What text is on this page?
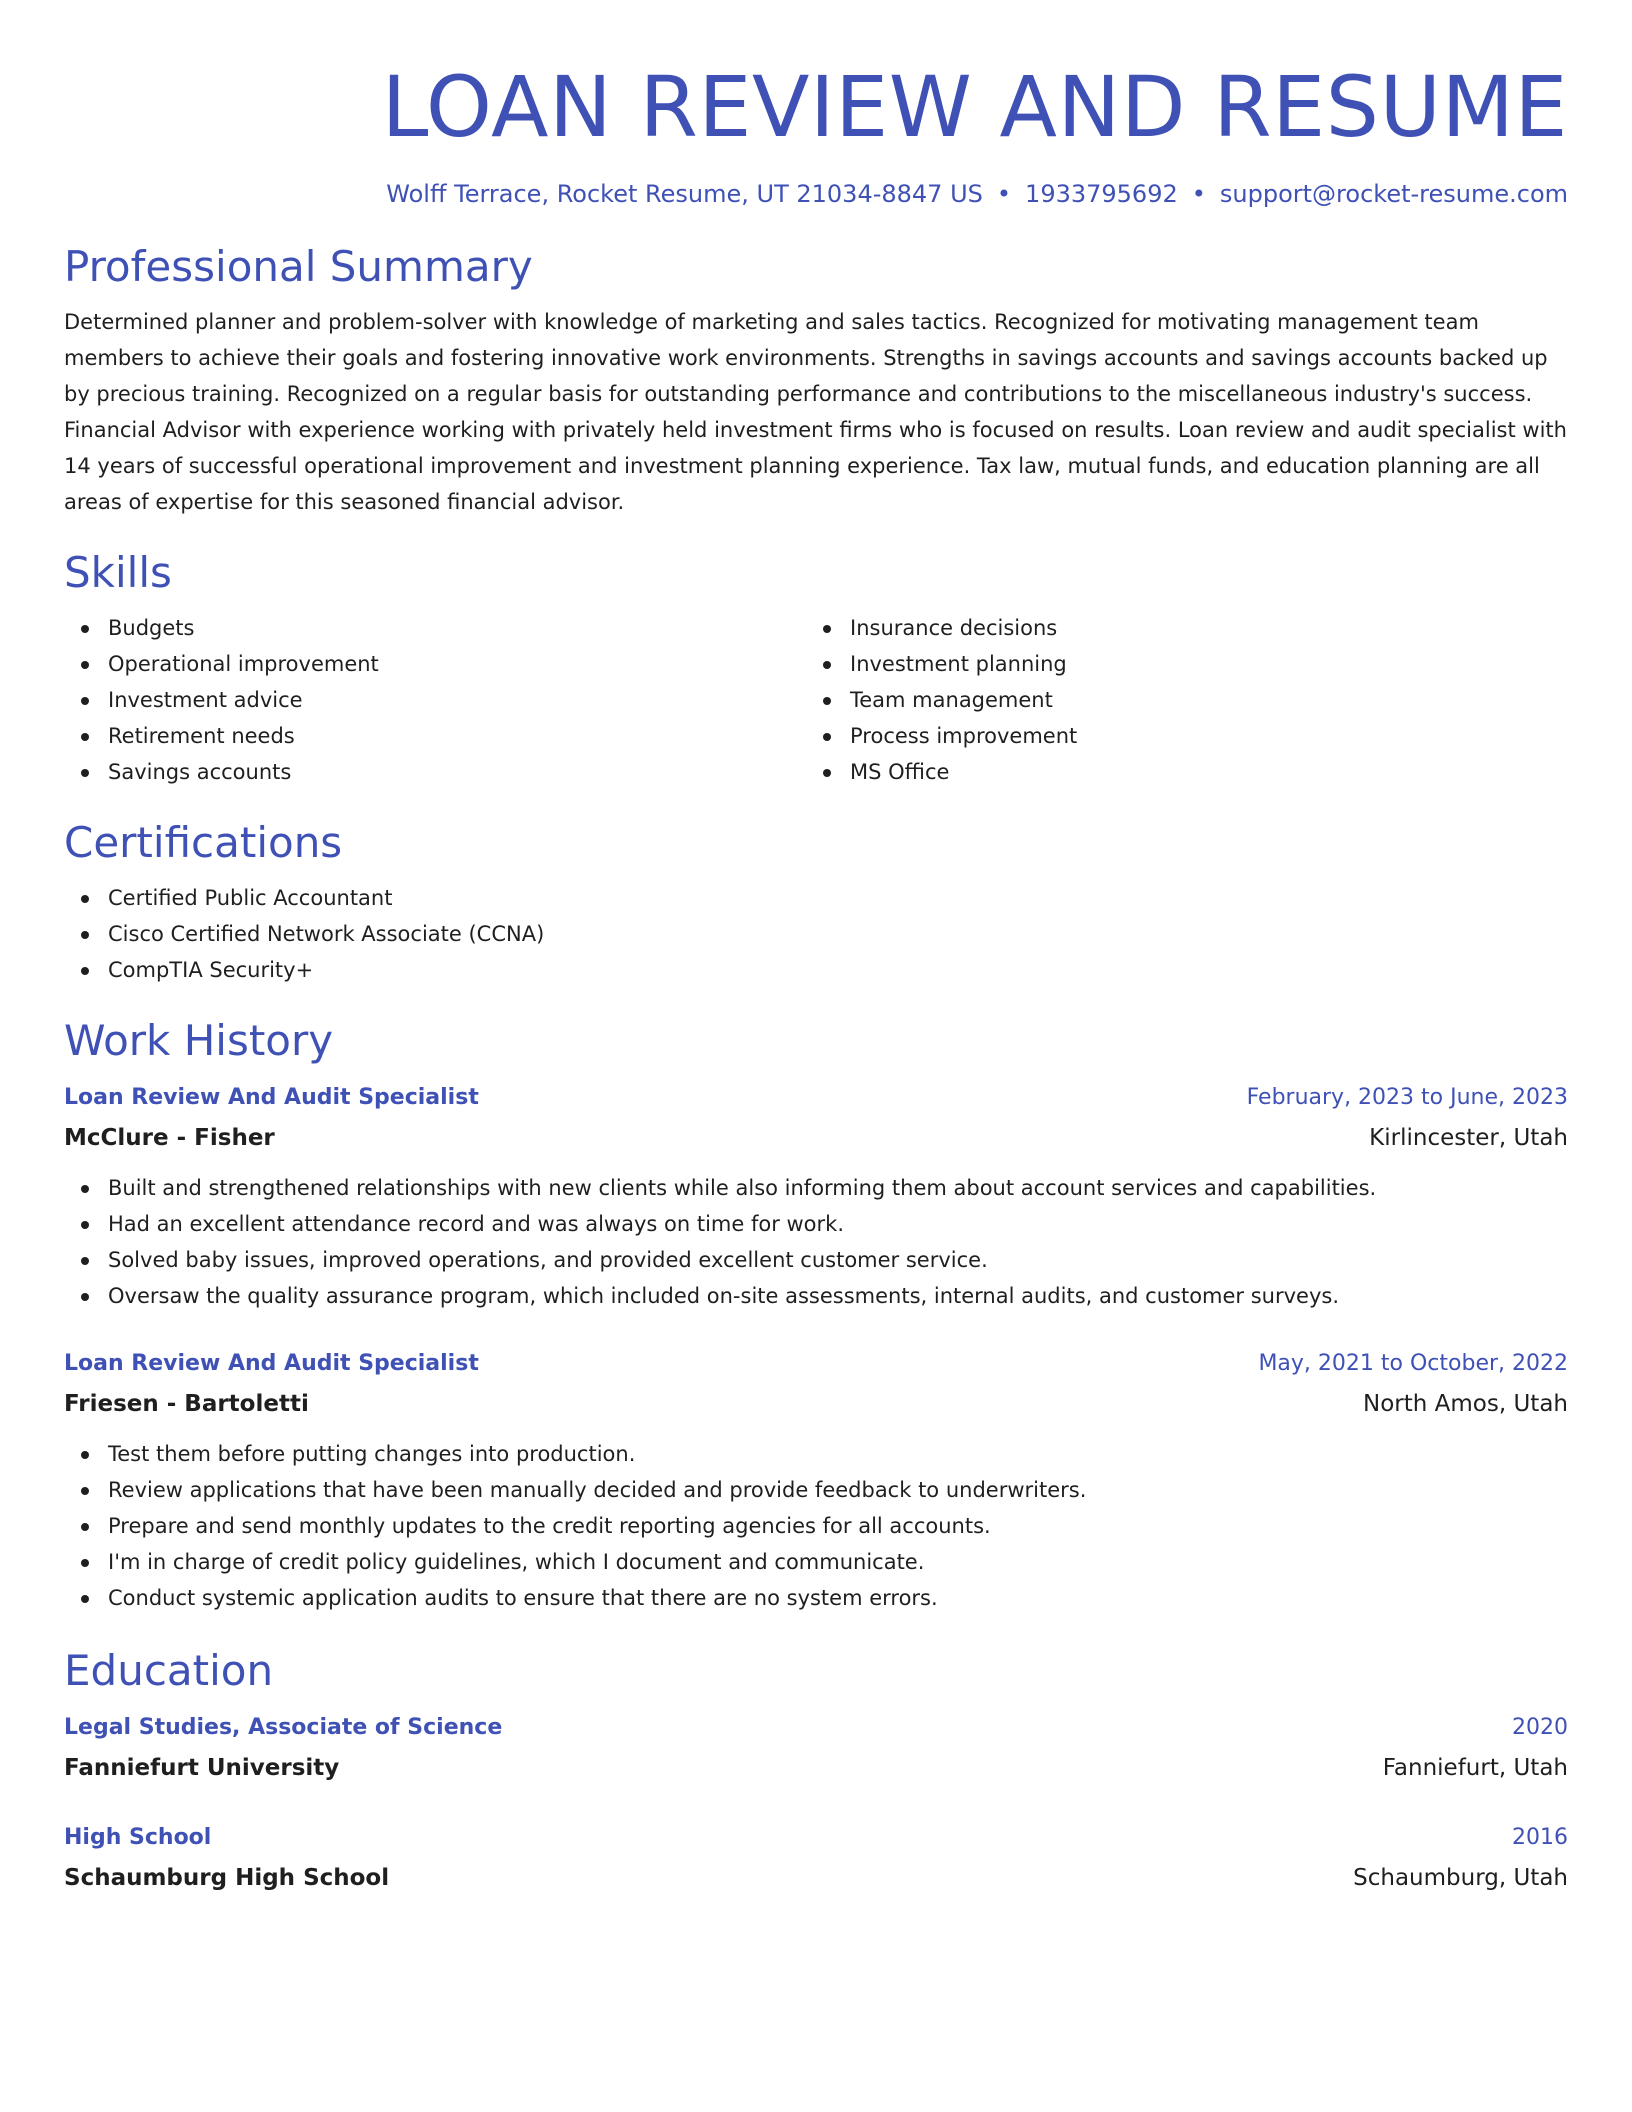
LOAN REVIEW AND RESUME
Wolff Terrace, Rocket Resume, UT 21034-8847 US • 1933795692 • support@rocket-resume.com
Professional Summary
Determined planner and problem-solver with knowledge of marketing and sales tactics. Recognized for motivating management team members to achieve their goals and fostering innovative work environments. Strengths in savings accounts and savings accounts backed up by precious training. Recognized on a regular basis for outstanding performance and contributions to the miscellaneous industry's success. Financial Advisor with experience working with privately held investment firms who is focused on results. Loan review and audit specialist with 14 years of successful operational improvement and investment planning experience. Tax law, mutual funds, and education planning are all areas of expertise for this seasoned financial advisor.
Skills
Budgets
Operational improvement
Investment advice
Retirement needs
Savings accounts
Insurance decisions
Investment planning
Team management
Process improvement
MS Office
Certifications
Certified Public Accountant
Cisco Certified Network Associate (CCNA)
CompTIA Security+
Work History
Loan Review And Audit Specialist	February, 2023 to June, 2023
McClure - Fisher	Kirlincester, Utah
Built and strengthened relationships with new clients while also informing them about account services and capabilities.
Had an excellent attendance record and was always on time for work.
Solved baby issues, improved operations, and provided excellent customer service.
Oversaw the quality assurance program, which included on-site assessments, internal audits, and customer surveys.
Loan Review And Audit Specialist	May, 2021 to October, 2022
Friesen - Bartoletti	North Amos, Utah
Test them before putting changes into production.
Review applications that have been manually decided and provide feedback to underwriters.
Prepare and send monthly updates to the credit reporting agencies for all accounts.
I'm in charge of credit policy guidelines, which I document and communicate.
Conduct systemic application audits to ensure that there are no system errors.
Education
Legal Studies, Associate of Science	2020
Fanniefurt University	Fanniefurt, Utah
High School	2016
Schaumburg High School	Schaumburg, Utah
